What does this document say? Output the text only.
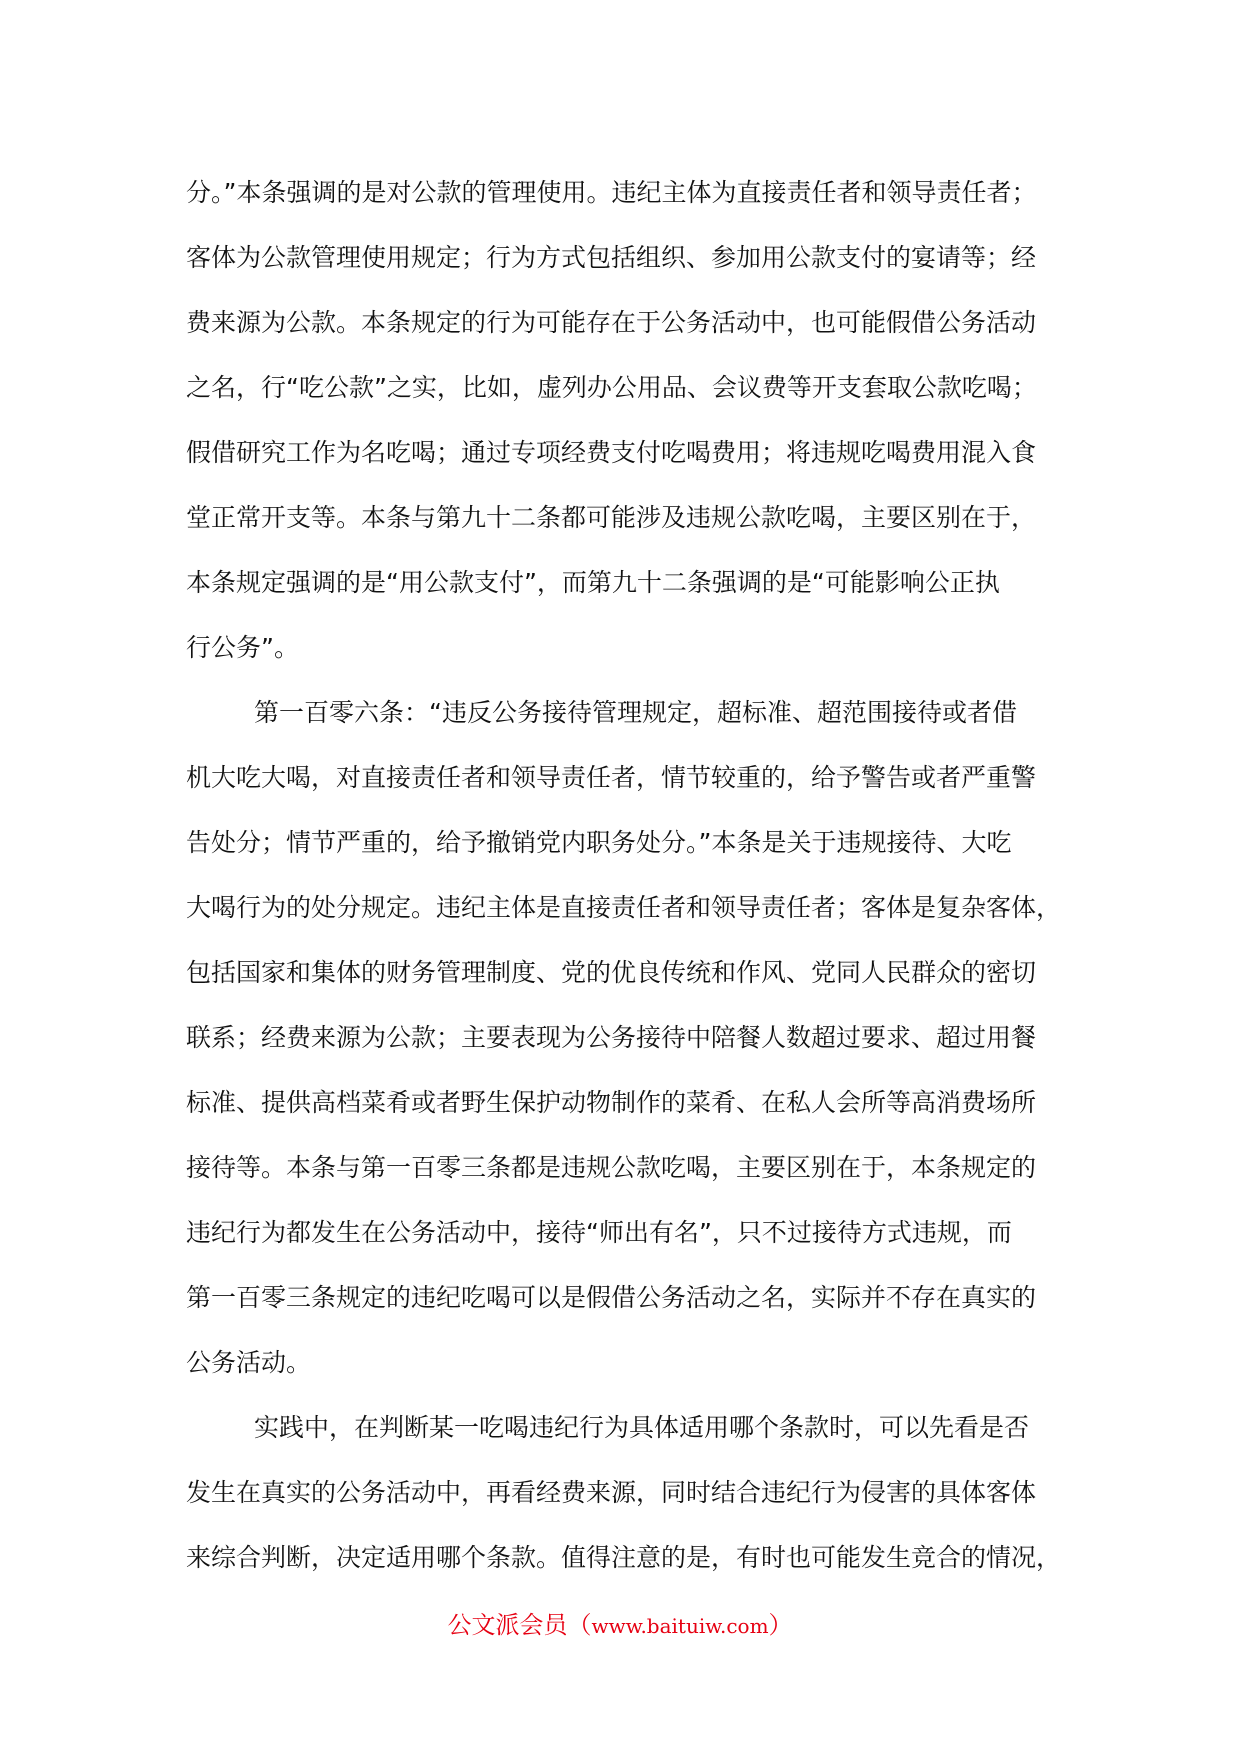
分。”本条强调的是对公款的管理使用。违纪主体为直接责任者和领导责任者；
客体为公款管理使用规定；行为方式包括组织、参加用公款支付的宴请等；经
费来源为公款。本条规定的行为可能存在于公务活动中，也可能假借公务活动
之名，行“吃公款”之实，比如，虚列办公用品、会议费等开支套取公款吃喝；
假借研究工作为名吃喝；通过专项经费支付吃喝费用；将违规吃喝费用混入食
堂正常开支等。本条与第九十二条都可能涉及违规公款吃喝，主要区别在于，
本条规定强调的是“用公款支付”，而第九十二条强调的是“可能影响公正执
行公务”。
第一百零六条：“违反公务接待管理规定，超标准、超范围接待或者借
机大吃大喝，对直接责任者和领导责任者，情节较重的，给予警告或者严重警
告处分；情节严重的，给予撤销党内职务处分。”本条是关于违规接待、大吃
大喝行为的处分规定。违纪主体是直接责任者和领导责任者；客体是复杂客体，
包括国家和集体的财务管理制度、党的优良传统和作风、党同人民群众的密切
联系；经费来源为公款；主要表现为公务接待中陪餐人数超过要求、超过用餐
标准、提供高档菜肴或者野生保护动物制作的菜肴、在私人会所等高消费场所
接待等。本条与第一百零三条都是违规公款吃喝，主要区别在于，本条规定的
违纪行为都发生在公务活动中，接待“师出有名”，只不过接待方式违规，而
第一百零三条规定的违纪吃喝可以是假借公务活动之名，实际并不存在真实的
公务活动。
实践中，在判断某一吃喝违纪行为具体适用哪个条款时，可以先看是否
发生在真实的公务活动中，再看经费来源，同时结合违纪行为侵害的具体客体
来综合判断，决定适用哪个条款。值得注意的是，有时也可能发生竞合的情况，
公文派会员（www.baituiw.com）
